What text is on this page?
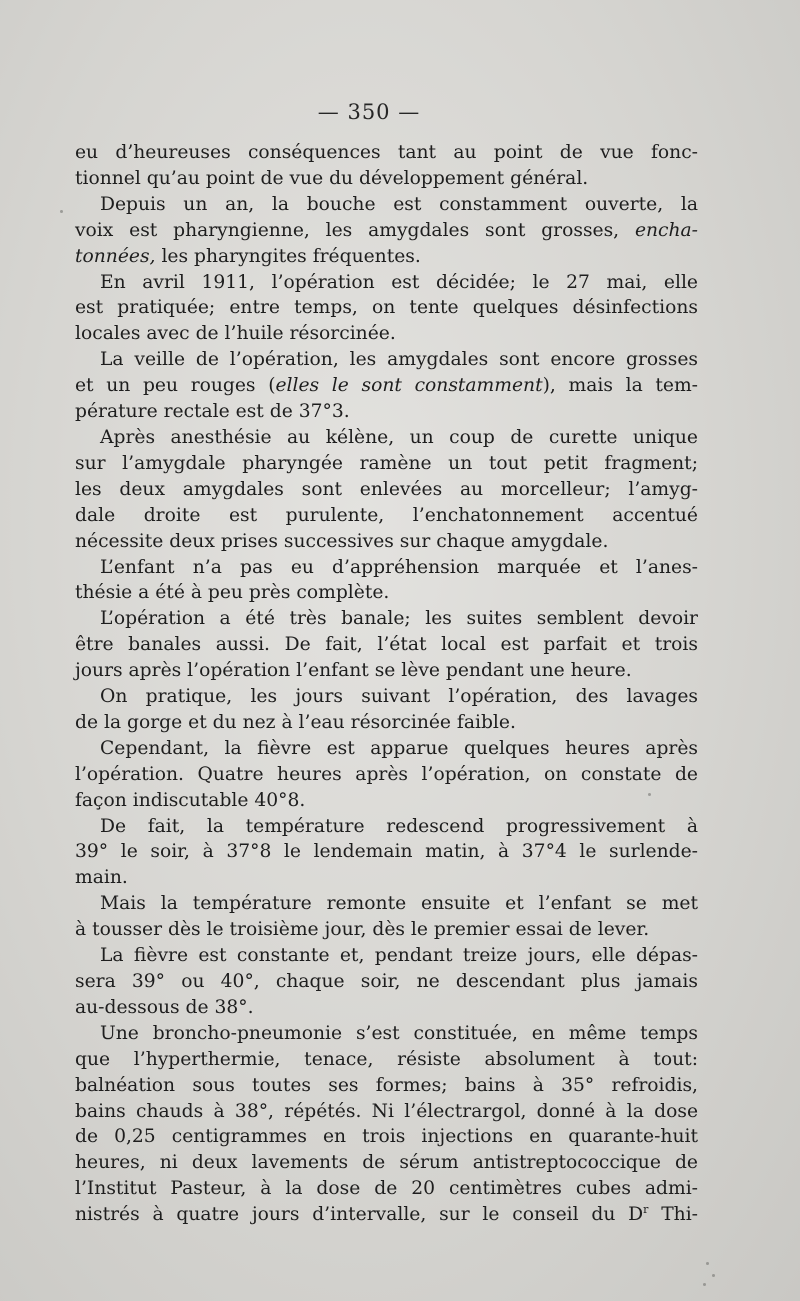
— 350 —

eu d’heureuses conséquences tant au point de vue fonc-
tionnel qu’au point de vue du développement général.

Depuis un an, la bouche est constamment ouverte, la
voix est pharyngienne, les amygdales sont grosses, encha-
tonnées, les pharyngites fréquentes.

En avril 1911, l’opération est décidée; le 27 mai, elle
est pratiquée; entre temps, on tente quelques désinfections
locales avec de l’huile résorcinée.

La veille de l’opération, les amygdales sont encore grosses
et un peu rouges (elles le sont constamment), mais la tem-
pérature rectale est de 37°3.

Après anesthésie au kélène, un coup de curette unique
sur l’amygdale pharyngée ramène un tout petit fragment;
les deux amygdales sont enlevées au morcelleur; l’amyg-
dale droite est purulente, l’enchatonnement accentué
nécessite deux prises successives sur chaque amygdale.

L’enfant n’a pas eu d’appréhension marquée et l’anes-
thésie a été à peu près complète.

L’opération a été très banale; les suites semblent devoir
être banales aussi. De fait, l’état local est parfait et trois
jours après l’opération l’enfant se lève pendant une heure.

On pratique, les jours suivant l’opération, des lavages
de la gorge et du nez à l’eau résorcinée faible.

Cependant, la fièvre est apparue quelques heures après
l’opération. Quatre heures après l’opération, on constate de
façon indiscutable 40°8.

De fait, la température redescend progressivement à
39° le soir, à 37°8 le lendemain matin, à 37°4 le surlende-
main.

Mais la température remonte ensuite et l’enfant se met
à tousser dès le troisième jour, dès le premier essai de lever.

La fièvre est constante et, pendant treize jours, elle dépas-
sera 39° ou 40°, chaque soir, ne descendant plus jamais
au-dessous de 38°.

Une broncho-pneumonie s’est constituée, en même temps
que l’hyperthermie, tenace, résiste absolument à tout:
balnéation sous toutes ses formes; bains à 35° refroidis,
bains chauds à 38°, répétés. Ni l’électrargol, donné à la dose
de 0,25 centigrammes en trois injections en quarante-huit
heures, ni deux lavements de sérum antistreptococcique de
l’Institut Pasteur, à la dose de 20 centimètres cubes admi-
nistrés à quatre jours d’intervalle, sur le conseil du $D^r$ Thi-
